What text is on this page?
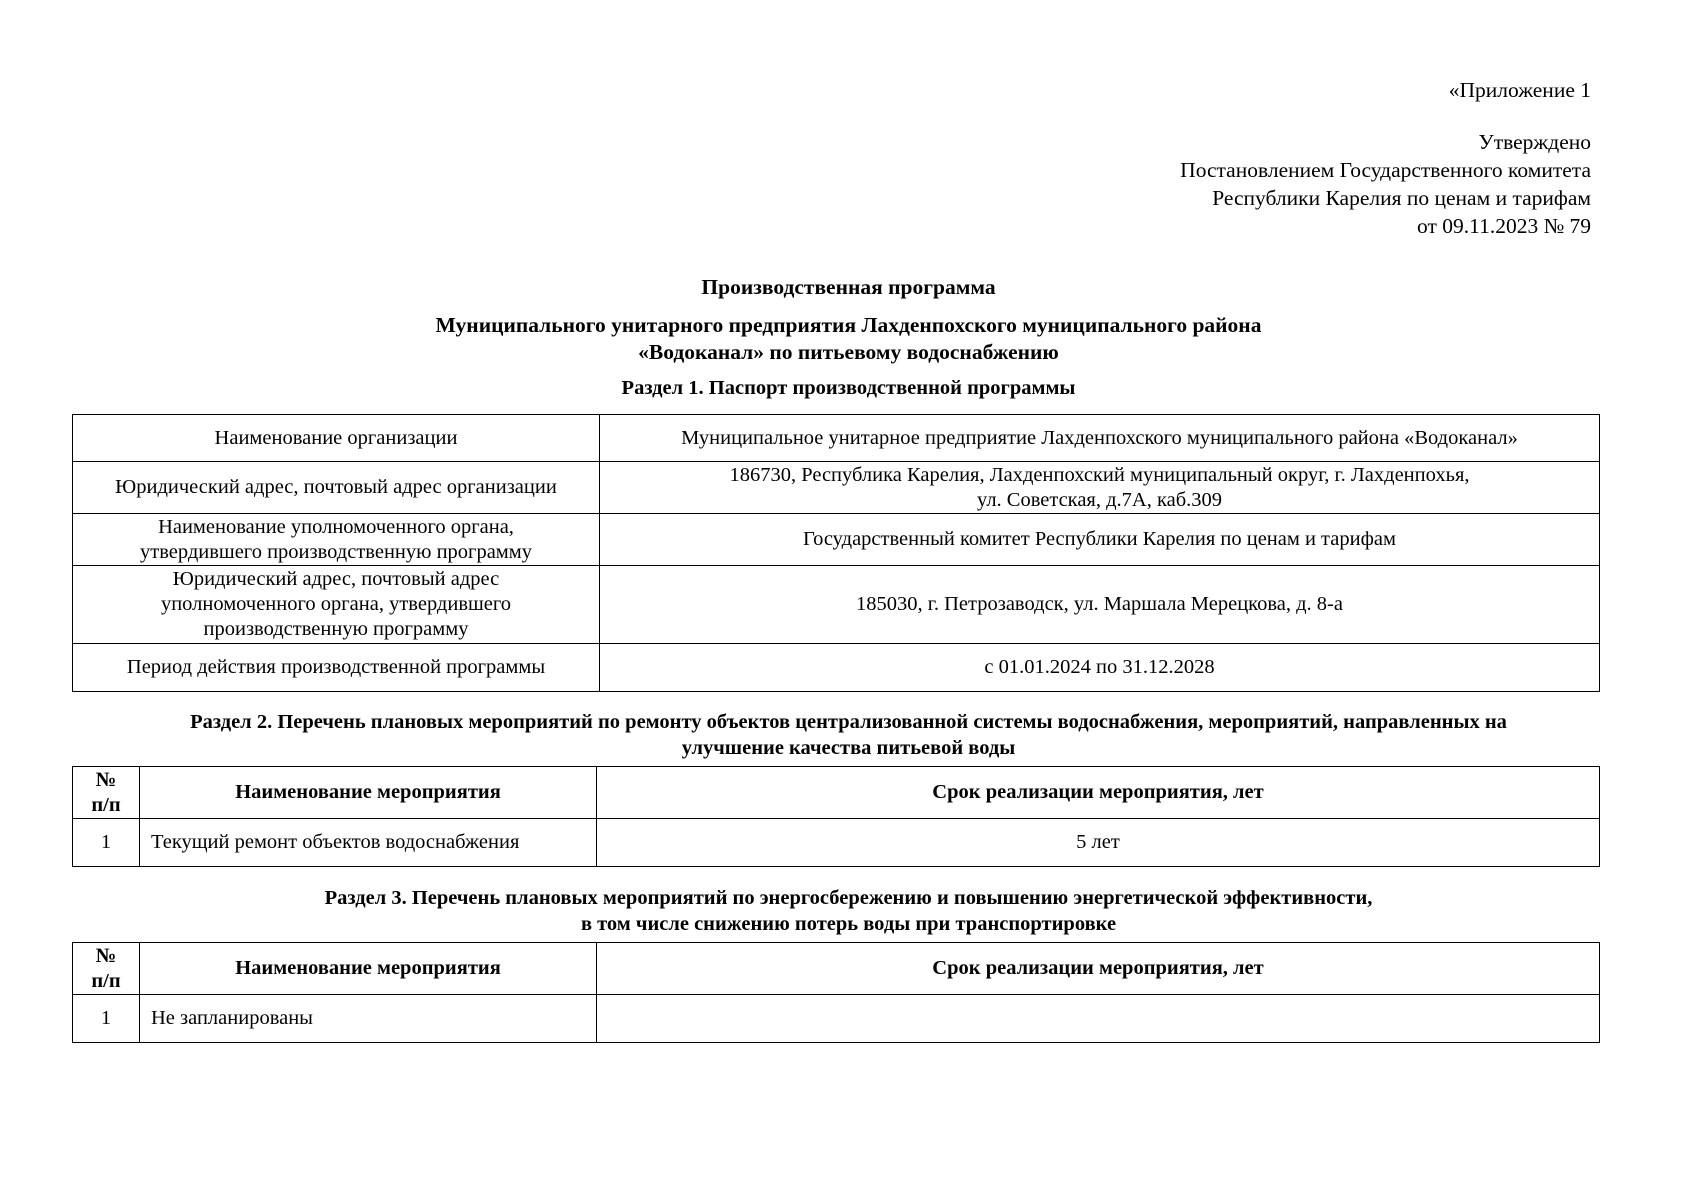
«Приложение 1
Утверждено
Постановлением Государственного комитета
Республики Карелия по ценам и тарифам
от 09.11.2023 № 79
Производственная программа
Муниципального унитарного предприятия Лахденпохского муниципального района
«Водоканал» по питьевому водоснабжению
Раздел 1. Паспорт производственной программы
Наименование организации	Муниципальное унитарное предприятие Лахденпохского муниципального района «Водоканал»
Юридический адрес, почтовый адрес организации	186730, Республика Карелия, Лахденпохский муниципальный округ, г. Лахденпохья,
ул. Советская, д.7А, каб.309

Наименование уполномоченного органа,
утвердившего производственную программу	Государственный комитет Республики Карелия по ценам и тарифам

Юридический адрес, почтовый адрес
уполномоченного органа, утвердившего
производственную программу	185030, г. Петрозаводск, ул. Маршала Мерецкова, д. 8-а
Период действия производственной программы	с 01.01.2024 по 31.12.2028
Раздел 2. Перечень плановых мероприятий по ремонту объектов централизованной системы водоснабжения, мероприятий, направленных на
улучшение качества питьевой воды
№
п/п	Наименование мероприятия	Срок реализации мероприятия, лет
1	Текущий ремонт объектов водоснабжения	5 лет
Раздел 3. Перечень плановых мероприятий по энергосбережению и повышению энергетической эффективности,
в том числе снижению потерь воды при транспортировке
№
п/п	Наименование мероприятия	Срок реализации мероприятия, лет
1	Не запланированы	
